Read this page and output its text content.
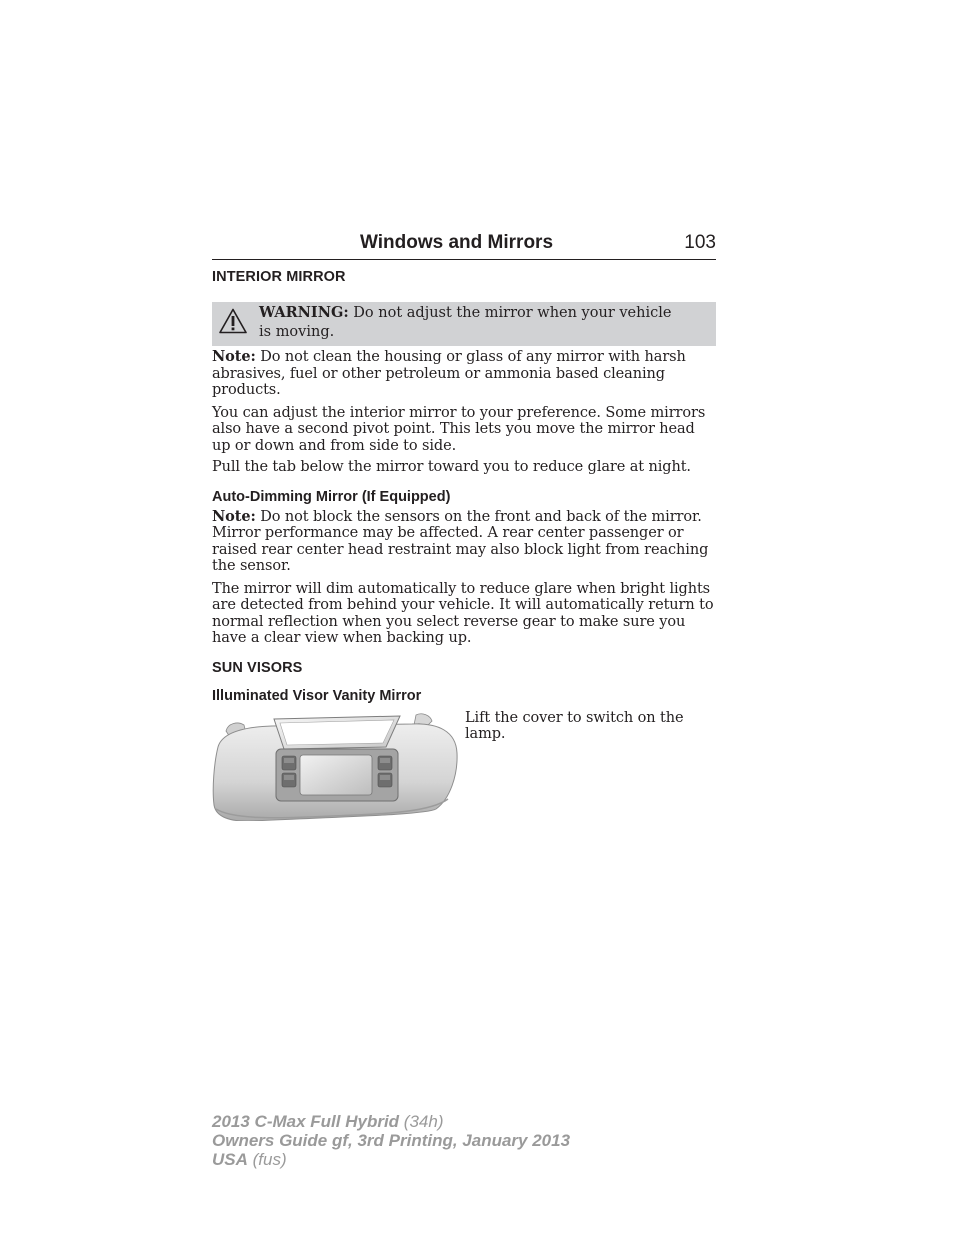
Windows and Mirrors	103
INTERIOR MIRROR
WARNING: Do not adjust the mirror when your vehicle is moving.

Note: Do not clean the housing or glass of any mirror with harsh abrasives, fuel or other petroleum or ammonia based cleaning products.

You can adjust the interior mirror to your preference. Some mirrors also have a second pivot point. This lets you move the mirror head up or down and from side to side.

Pull the tab below the mirror toward you to reduce glare at night.

Auto-Dimming Mirror (If Equipped)

Note: Do not block the sensors on the front and back of the mirror. Mirror performance may be affected. A rear center passenger or raised rear center head restraint may also block light from reaching the sensor.

The mirror will dim automatically to reduce glare when bright lights are detected from behind your vehicle. It will automatically return to normal reflection when you select reverse gear to make sure you have a clear view when backing up.

SUN VISORS
Illuminated Visor Vanity Mirror

Lift the cover to switch on the lamp.

2013 C-Max Full Hybrid (34h)
Owners Guide gf, 3rd Printing, January 2013
USA (fus)
